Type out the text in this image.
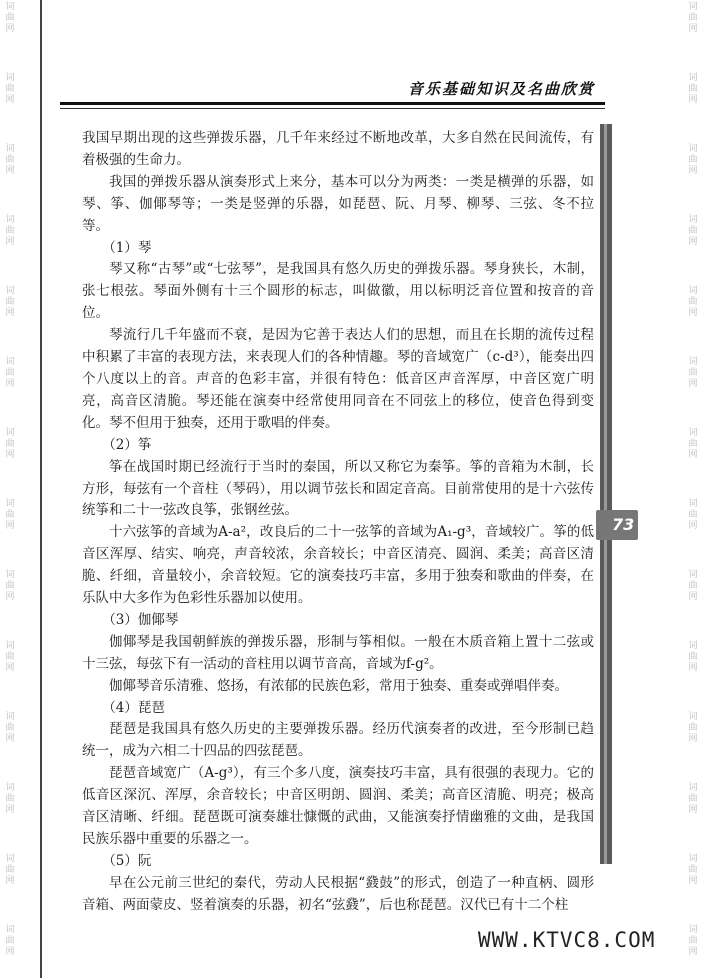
词曲网
词曲网
词曲网
词曲网
词曲网
词曲网
词曲网
词曲网
词曲网
词曲网
词曲网
词曲网
词曲网
词曲网
词曲网
词曲网
词曲网
词曲网
词曲网
词曲网
词曲网
词曲网
词曲网
词曲网
词曲网
词曲网
词曲网
词曲网
音乐基础知识及名曲欣赏
73

我国早期出现的这些弹拨乐器，几千年来经过不断地改革，大多自然在民间流传，有着极强的生命力。

我国的弹拨乐器从演奏形式上来分，基本可以分为两类：一类是横弹的乐器，如琴、筝、伽倻琴等；一类是竖弹的乐器，如琵琶、阮、月琴、柳琴、三弦、冬不拉等。

（1）琴

琴又称“古琴”或“七弦琴”，是我国具有悠久历史的弹拨乐器。琴身狭长，木制，张七根弦。琴面外侧有十三个圆形的标志，叫做徽，用以标明泛音位置和按音的音位。

琴流行几千年盛而不衰，是因为它善于表达人们的思想，而且在长期的流传过程中积累了丰富的表现方法，来表现人们的各种情趣。琴的音域宽广（c-d³），能奏出四个八度以上的音。声音的色彩丰富，并很有特色：低音区声音浑厚，中音区宽广明亮，高音区清脆。琴还能在演奏中经常使用同音在不同弦上的移位，使音色得到变化。琴不但用于独奏，还用于歌唱的伴奏。

（2）筝

筝在战国时期已经流行于当时的秦国，所以又称它为秦筝。筝的音箱为木制，长方形，每弦有一个音柱（琴码），用以调节弦长和固定音高。目前常使用的是十六弦传统筝和二十一弦改良筝，张钢丝弦。

十六弦筝的音域为A-a²，改良后的二十一弦筝的音域为A₁-g³，音域较广。筝的低音区浑厚、结实、响亮，声音较浓，余音较长；中音区清亮、圆润、柔美；高音区清脆、纤细，音量较小，余音较短。它的演奏技巧丰富，多用于独奏和歌曲的伴奏，在乐队中大多作为色彩性乐器加以使用。

（3）伽倻琴

伽倻琴是我国朝鲜族的弹拨乐器，形制与筝相似。一般在木质音箱上置十二弦或十三弦，每弦下有一活动的音柱用以调节音高，音域为f-g²。

伽倻琴音乐清雅、悠扬，有浓郁的民族色彩，常用于独奏、重奏或弹唱伴奏。

（4）琵琶

琵琶是我国具有悠久历史的主要弹拨乐器。经历代演奏者的改进，至今形制已趋统一，成为六相二十四品的四弦琵琶。

琵琶音域宽广（A-g³），有三个多八度，演奏技巧丰富，具有很强的表现力。它的低音区深沉、浑厚，余音较长；中音区明朗、圆润、柔美；高音区清脆、明亮；极高音区清晰、纤细。琵琶既可演奏雄壮慷慨的武曲，又能演奏抒情幽雅的文曲，是我国民族乐器中重要的乐器之一。

（5）阮

早在公元前三世纪的秦代，劳动人民根据“鼗鼓”的形式，创造了一种直柄、圆形音箱、两面蒙皮、竖着演奏的乐器，初名“弦鼗”，后也称琵琶。汉代已有十二个柱

WWW.KTVC8.COM
